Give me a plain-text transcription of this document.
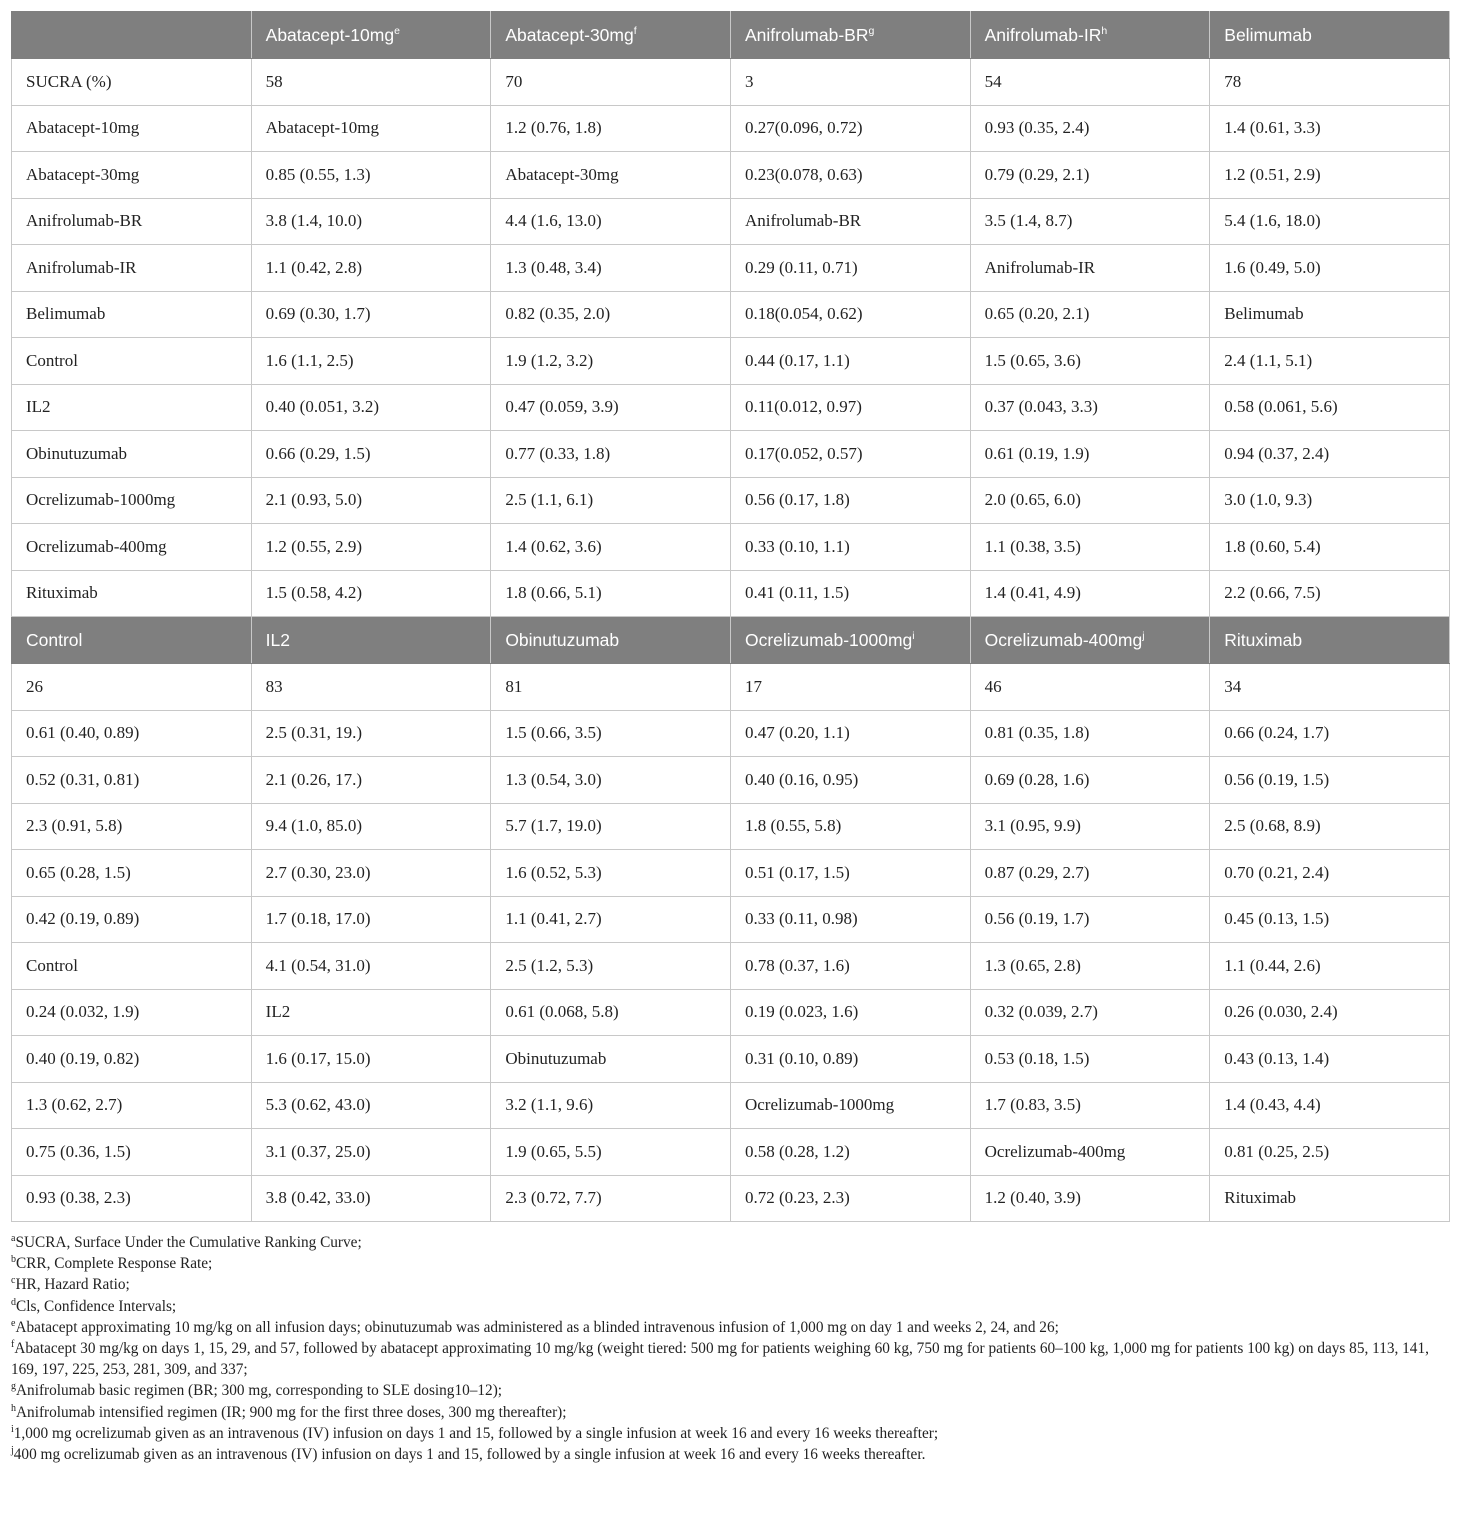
	Abatacept-$10mg^e$	Abatacept-$30mg^f$	Anifrolumab-$BR^g$	Anifrolumab-$IR^h$	Belimumab
SUCRA (%)	58	70	3	54	78
Abatacept-10mg	Abatacept-10mg	1.2 (0.76, 1.8)	0.27(0.096, 0.72)	0.93 (0.35, 2.4)	1.4 (0.61, 3.3)
Abatacept-30mg	0.85 (0.55, 1.3)	Abatacept-30mg	0.23(0.078, 0.63)	0.79 (0.29, 2.1)	1.2 (0.51, 2.9)
Anifrolumab-BR	3.8 (1.4, 10.0)	4.4 (1.6, 13.0)	Anifrolumab-BR	3.5 (1.4, 8.7)	5.4 (1.6, 18.0)
Anifrolumab-IR	1.1 (0.42, 2.8)	1.3 (0.48, 3.4)	0.29 (0.11, 0.71)	Anifrolumab-IR	1.6 (0.49, 5.0)
Belimumab	0.69 (0.30, 1.7)	0.82 (0.35, 2.0)	0.18(0.054, 0.62)	0.65 (0.20, 2.1)	Belimumab
Control	1.6 (1.1, 2.5)	1.9 (1.2, 3.2)	0.44 (0.17, 1.1)	1.5 (0.65, 3.6)	2.4 (1.1, 5.1)
IL2	0.40 (0.051, 3.2)	0.47 (0.059, 3.9)	0.11(0.012, 0.97)	0.37 (0.043, 3.3)	0.58 (0.061, 5.6)
Obinutuzumab	0.66 (0.29, 1.5)	0.77 (0.33, 1.8)	0.17(0.052, 0.57)	0.61 (0.19, 1.9)	0.94 (0.37, 2.4)
Ocrelizumab-1000mg	2.1 (0.93, 5.0)	2.5 (1.1, 6.1)	0.56 (0.17, 1.8)	2.0 (0.65, 6.0)	3.0 (1.0, 9.3)
Ocrelizumab-400mg	1.2 (0.55, 2.9)	1.4 (0.62, 3.6)	0.33 (0.10, 1.1)	1.1 (0.38, 3.5)	1.8 (0.60, 5.4)
Rituximab	1.5 (0.58, 4.2)	1.8 (0.66, 5.1)	0.41 (0.11, 1.5)	1.4 (0.41, 4.9)	2.2 (0.66, 7.5)
Control	IL2	Obinutuzumab	Ocrelizumab-$1000mg^i$	Ocrelizumab-$400mg^j$	Rituximab
26	83	81	17	46	34
0.61 (0.40, 0.89)	2.5 (0.31, 19.)	1.5 (0.66, 3.5)	0.47 (0.20, 1.1)	0.81 (0.35, 1.8)	0.66 (0.24, 1.7)
0.52 (0.31, 0.81)	2.1 (0.26, 17.)	1.3 (0.54, 3.0)	0.40 (0.16, 0.95)	0.69 (0.28, 1.6)	0.56 (0.19, 1.5)
2.3 (0.91, 5.8)	9.4 (1.0, 85.0)	5.7 (1.7, 19.0)	1.8 (0.55, 5.8)	3.1 (0.95, 9.9)	2.5 (0.68, 8.9)
0.65 (0.28, 1.5)	2.7 (0.30, 23.0)	1.6 (0.52, 5.3)	0.51 (0.17, 1.5)	0.87 (0.29, 2.7)	0.70 (0.21, 2.4)
0.42 (0.19, 0.89)	1.7 (0.18, 17.0)	1.1 (0.41, 2.7)	0.33 (0.11, 0.98)	0.56 (0.19, 1.7)	0.45 (0.13, 1.5)
Control	4.1 (0.54, 31.0)	2.5 (1.2, 5.3)	0.78 (0.37, 1.6)	1.3 (0.65, 2.8)	1.1 (0.44, 2.6)
0.24 (0.032, 1.9)	IL2	0.61 (0.068, 5.8)	0.19 (0.023, 1.6)	0.32 (0.039, 2.7)	0.26 (0.030, 2.4)
0.40 (0.19, 0.82)	1.6 (0.17, 15.0)	Obinutuzumab	0.31 (0.10, 0.89)	0.53 (0.18, 1.5)	0.43 (0.13, 1.4)
1.3 (0.62, 2.7)	5.3 (0.62, 43.0)	3.2 (1.1, 9.6)	Ocrelizumab-1000mg	1.7 (0.83, 3.5)	1.4 (0.43, 4.4)
0.75 (0.36, 1.5)	3.1 (0.37, 25.0)	1.9 (0.65, 5.5)	0.58 (0.28, 1.2)	Ocrelizumab-400mg	0.81 (0.25, 2.5)
0.93 (0.38, 2.3)	3.8 (0.42, 33.0)	2.3 (0.72, 7.7)	0.72 (0.23, 2.3)	1.2 (0.40, 3.9)	Rituximab

$^a$SUCRA, Surface Under the Cumulative Ranking Curve;

$^b$CRR, Complete Response Rate;

$^c$HR, Hazard Ratio;

$^d$Cls, Confidence Intervals;

$^e$Abatacept approximating 10 mg/kg on all infusion days; obinutuzumab was administered as a blinded intravenous infusion of 1,000 mg on day 1 and weeks 2, 24, and 26;

$^f$Abatacept 30 mg/kg on days 1, 15, 29, and 57, followed by abatacept approximating 10 mg/kg (weight tiered: 500 mg for patients weighing 60 kg, 750 mg for patients 60–100 kg, 1,000 mg for patients 100 kg) on days 85, 113, 141, 169, 197, 225, 253, 281, 309, and 337;

$^g$Anifrolumab basic regimen (BR; 300 mg, corresponding to SLE dosing10–12);

$^h$Anifrolumab intensified regimen (IR; 900 mg for the first three doses, 300 mg thereafter);

$^i$1,000 mg ocrelizumab given as an intravenous (IV) infusion on days 1 and 15, followed by a single infusion at week 16 and every 16 weeks thereafter;

$^j$400 mg ocrelizumab given as an intravenous (IV) infusion on days 1 and 15, followed by a single infusion at week 16 and every 16 weeks thereafter.
